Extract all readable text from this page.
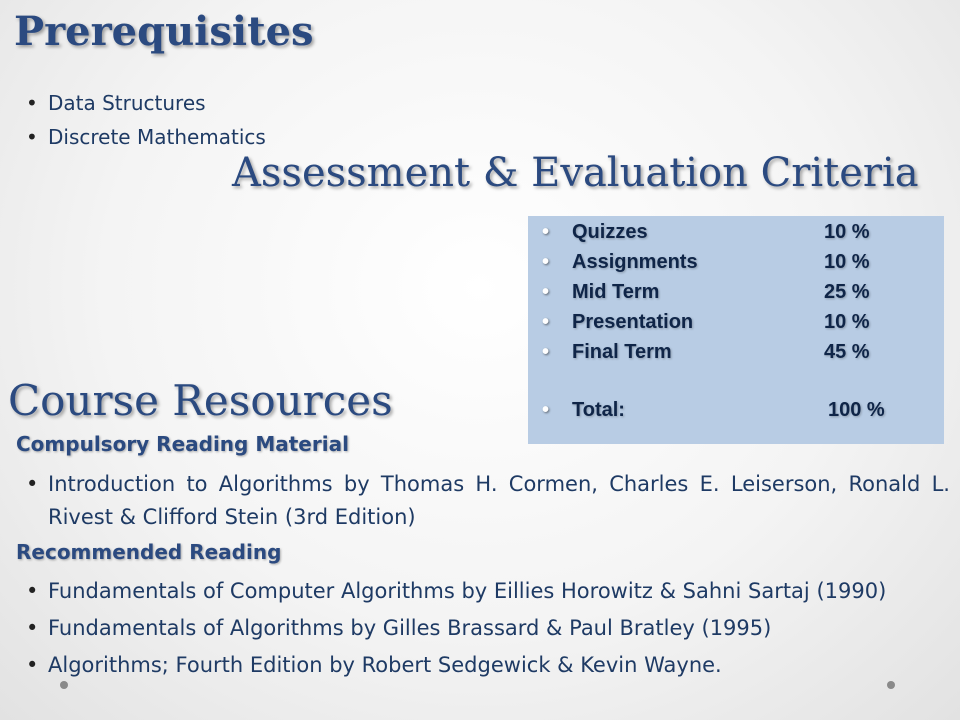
Prerequisites
• Data Structures
• Discrete Mathematics
Assessment & Evaluation Criteria
• Quizzes	10 %
• Assignments	10 %
• Mid Term	25 %
• Presentation	10 %
• Final Term	45 %
• Total:	100 %
Course Resources
Compulsory Reading Material
• Introduction to Algorithms by Thomas H. Cormen, Charles E. Leiserson, Ronald L. Rivest & Clifford Stein (3rd Edition)
Recommended Reading
• Fundamentals of Computer Algorithms by Eillies Horowitz & Sahni Sartaj (1990)
• Fundamentals of Algorithms by Gilles Brassard & Paul Bratley (1995)
• Algorithms; Fourth Edition by Robert Sedgewick & Kevin Wayne.
